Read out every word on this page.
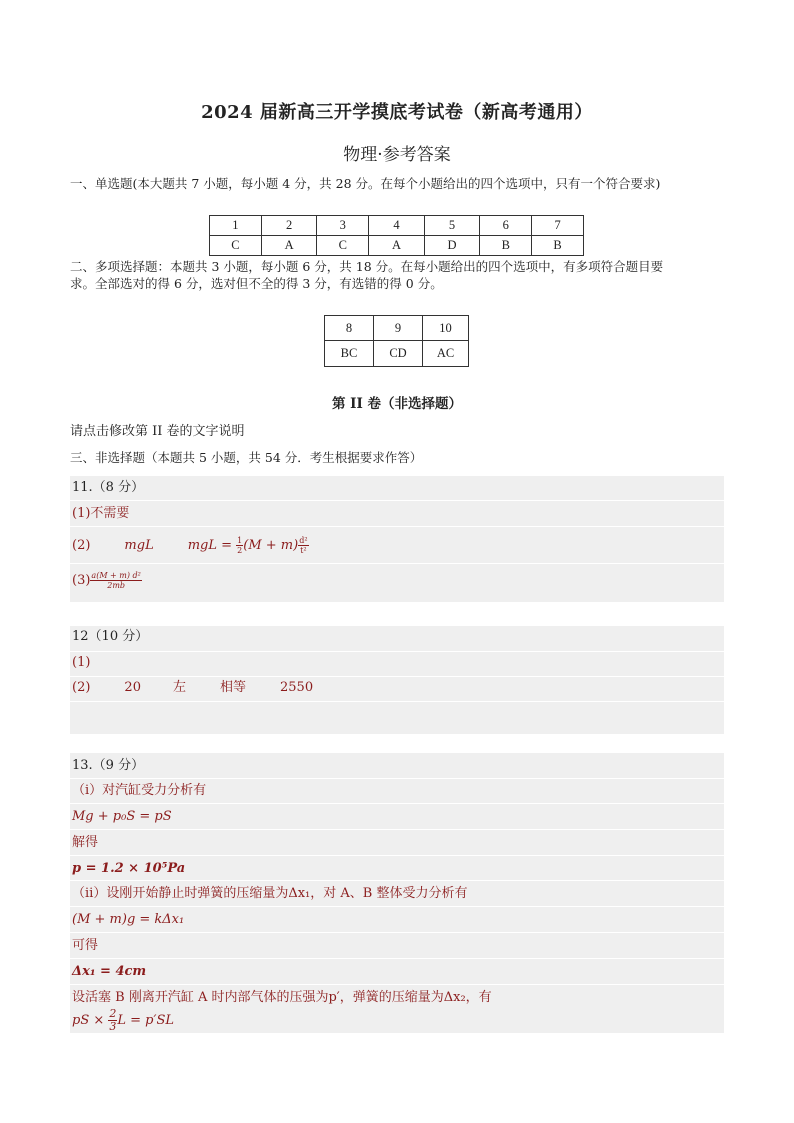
2024 届新高三开学摸底考试卷（新高考通用）
物理·参考答案
一、单选题(本大题共 7 小题，每小题 4 分，共 28 分。在每个小题给出的四个选项中，只有一个符合要求)
1	2	3	4	5	6	7
C	A	C	A	D	B	B
二、多项选择题：本题共 3 小题，每小题 6 分，共 18 分。在每小题给出的四个选项中，有多项符合题目要
求。全部选对的得 6 分，选对但不全的得 3 分，有选错的得 0 分。
8	9	10
BC	CD	AC
第 II 卷（非选择题）
请点击修改第 II 卷的文字说明
三、非选择题（本题共 5 小题，共 54 分．考生根据要求作答）
11.（8 分）
(1)不需要
(2)	mgL	mgL = $\frac{1}{2} (M + m) \frac{\text{d²}}{\text{t²}}$
$(3) \frac{\text{a(M + m) d²}}{2mb}$
12（10 分）
(1)
(2)	20 左	相等	2550
13.（9 分）
（ⅰ）对汽缸受力分析有
Mg + p₀S = pS
解得
p = 1.2 × 10⁵Pa
（ⅱ）设刚开始静止时弹簧的压缩量为Δx₁，对 A、B 整体受力分析有
(M + m)g = kΔx₁
可得
Δx₁ = 4cm
设活塞 B 刚离开汽缸 A 时内部气体的压强为p′，弹簧的压缩量为Δx₂，有
pS × $\frac{2}{3}$ L = p′SL
